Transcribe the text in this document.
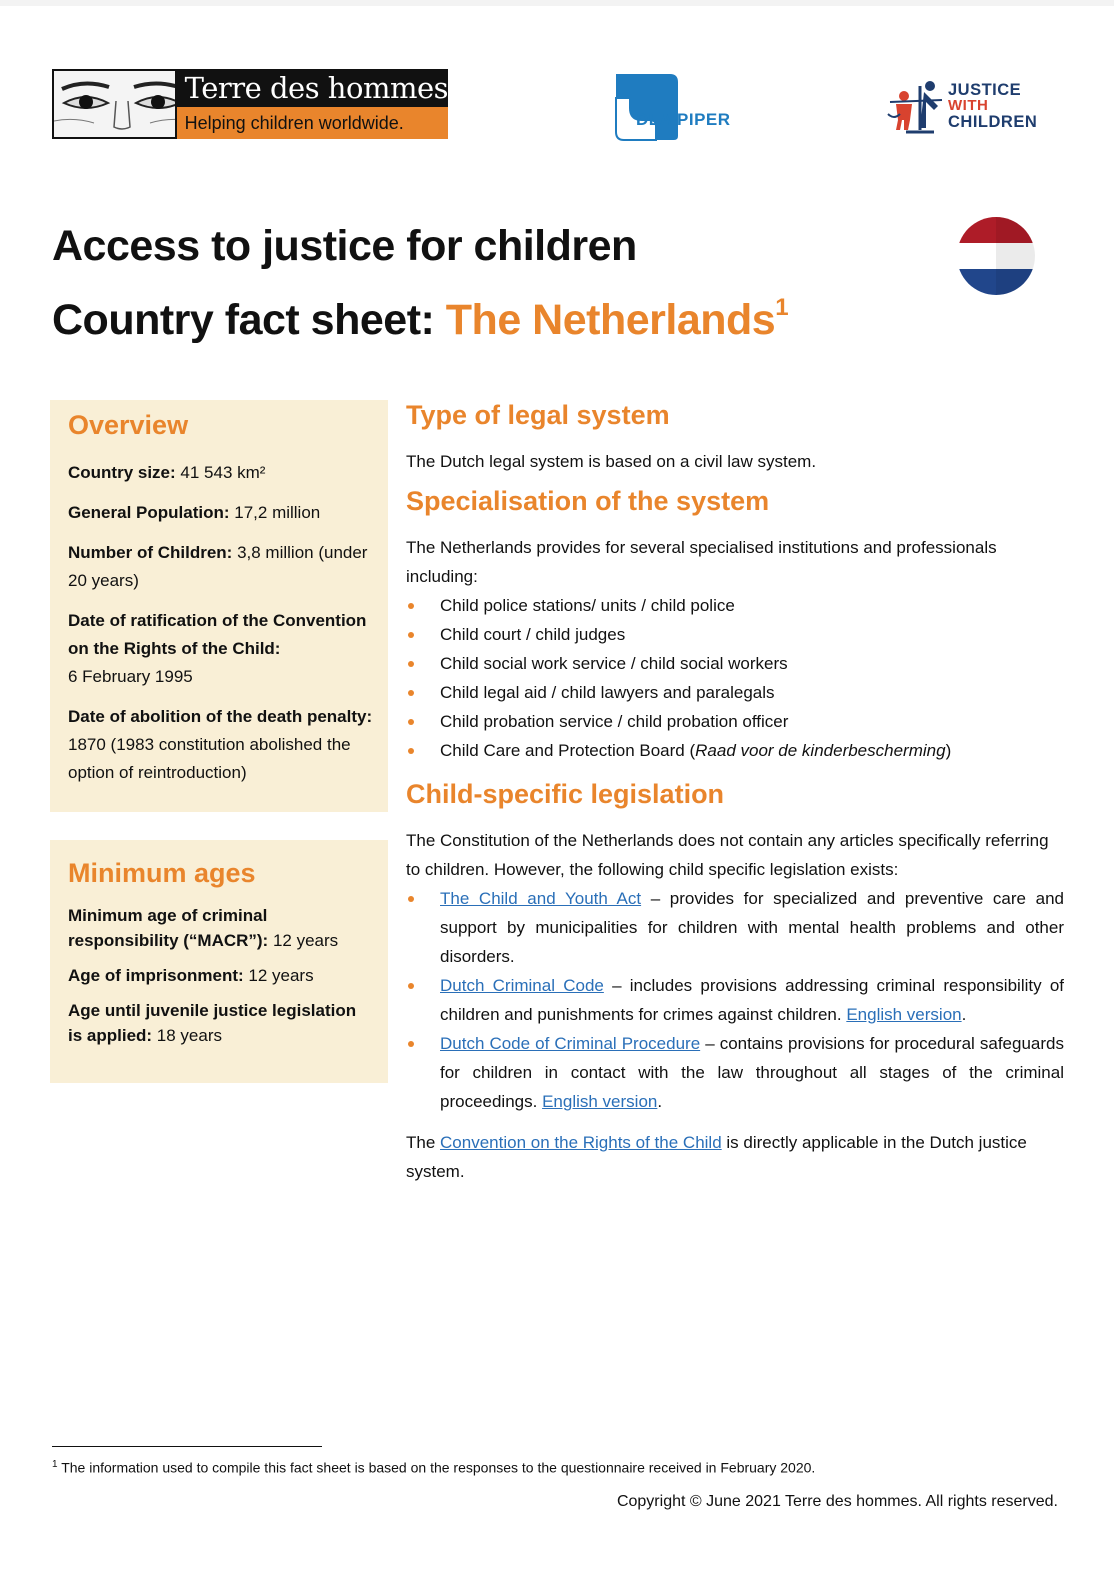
Terre des hommes
Helping children worldwide.	DLA PIPER
JUSTICE
WITH
CHILDREN
Access to justice for children
Country fact sheet: The Netherlands$^1$
Overview
Country size: 41 543 km²
General Population: 17,2 million
Number of Children: 3,8 million (under 20 years)
Date of ratification of the Convention on the Rights of the Child:
6 February 1995
Date of abolition of the death penalty: 1870 (1983 constitution abolished the option of reintroduction)
Minimum ages
Minimum age of criminal responsibility (“MACR”): 12 years
Age of imprisonment: 12 years
Age until juvenile justice legislation is applied: 18 years
Type of legal system

The Dutch legal system is based on a civil law system.

Specialisation of the system

The Netherlands provides for several specialised institutions and professionals including:

Child police stations/ units / child police
Child court / child judges
Child social work service / child social workers
Child legal aid / child lawyers and paralegals
Child probation service / child probation officer
Child Care and Protection Board (Raad voor de kinderbescherming)
Child-specific legislation

The Constitution of the Netherlands does not contain any articles specifically referring to children. However, the following child specific legislation exists:

The Child and Youth Act – provides for specialized and preventive care and support by municipalities for children with mental health problems and other disorders.
Dutch Criminal Code – includes provisions addressing criminal responsibility of children and punishments for crimes against children. English version.
Dutch Code of Criminal Procedure – contains provisions for procedural safeguards for children in contact with the law throughout all stages of the criminal proceedings. English version.

The Convention on the Rights of the Child is directly applicable in the Dutch justice system.

$^1$ The information used to compile this fact sheet is based on the responses to the questionnaire received in February 2020.
Copyright © June 2021 Terre des hommes. All rights reserved.
